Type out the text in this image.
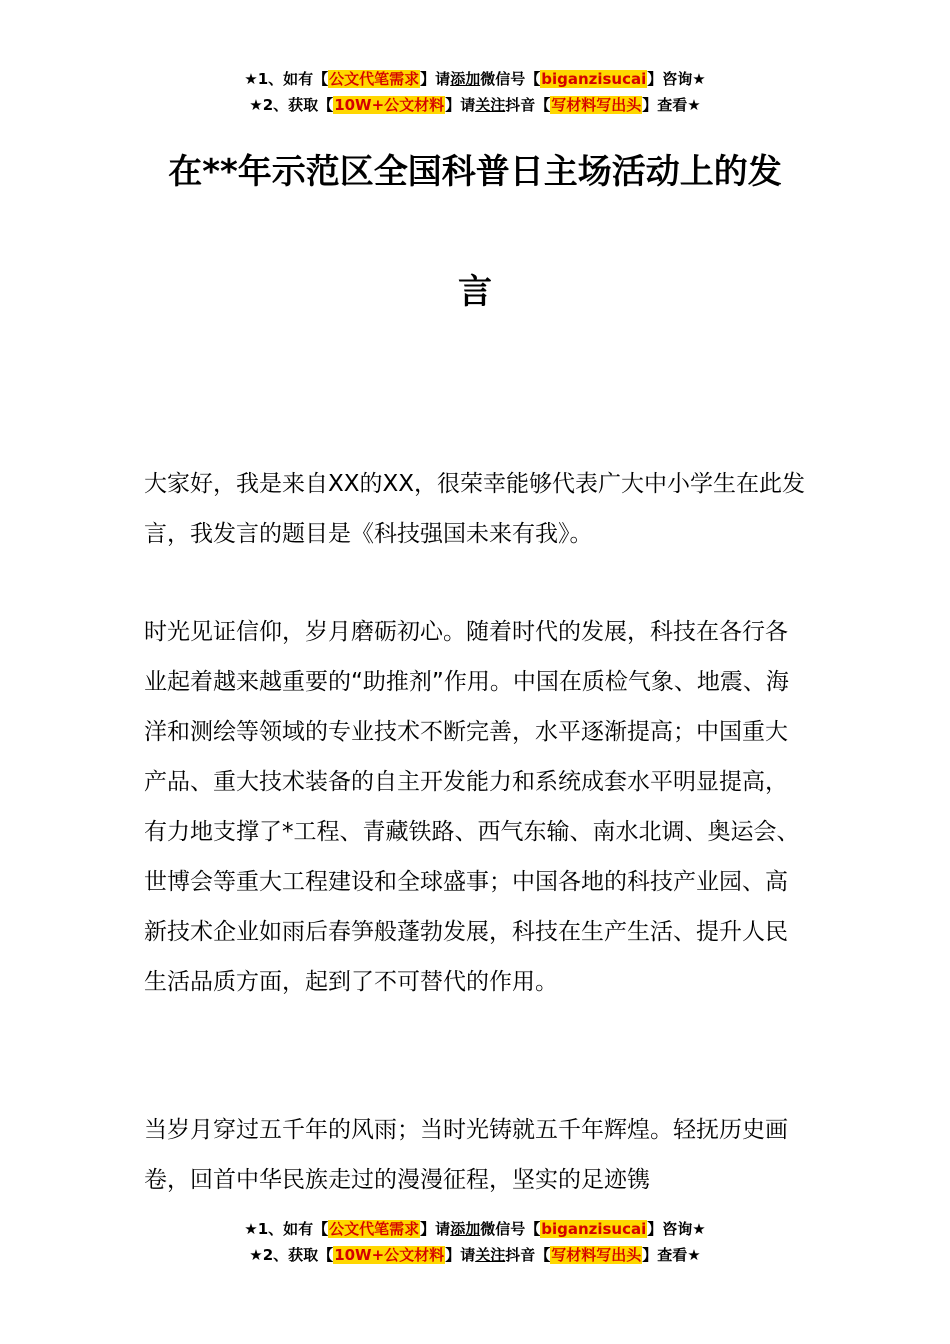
★1、如有【公文代笔需求】请添加微信号【biganzisucai】咨询★
★2、获取【10W+公文材料】请关注抖音【写材料写出头】查看★
在**年示范区全国科普日主场活动上的发
言

大家好，我是来自XX的XX，很荣幸能够代表广大中小学生在此发言，我发言的题目是《科技强国未来有我》。

时光见证信仰，岁月磨砺初心。随着时代的发展，科技在各行各业起着越来越重要的“助推剂”作用。中国在质检气象、地震、海洋和测绘等领域的专业技术不断完善，水平逐渐提高；中国重大产品、重大技术装备的自主开发能力和系统成套水平明显提高，有力地支撑了*工程、青藏铁路、西气东输、南水北调、奥运会、世博会等重大工程建设和全球盛事；中国各地的科技产业园、高新技术企业如雨后春笋般蓬勃发展，科技在生产生活、提升人民生活品质方面，起到了不可替代的作用。

当岁月穿过五千年的风雨；当时光铸就五千年辉煌。轻抚历史画卷，回首中华民族走过的漫漫征程，坚实的足迹镌

★1、如有【公文代笔需求】请添加微信号【biganzisucai】咨询★
★2、获取【10W+公文材料】请关注抖音【写材料写出头】查看★
